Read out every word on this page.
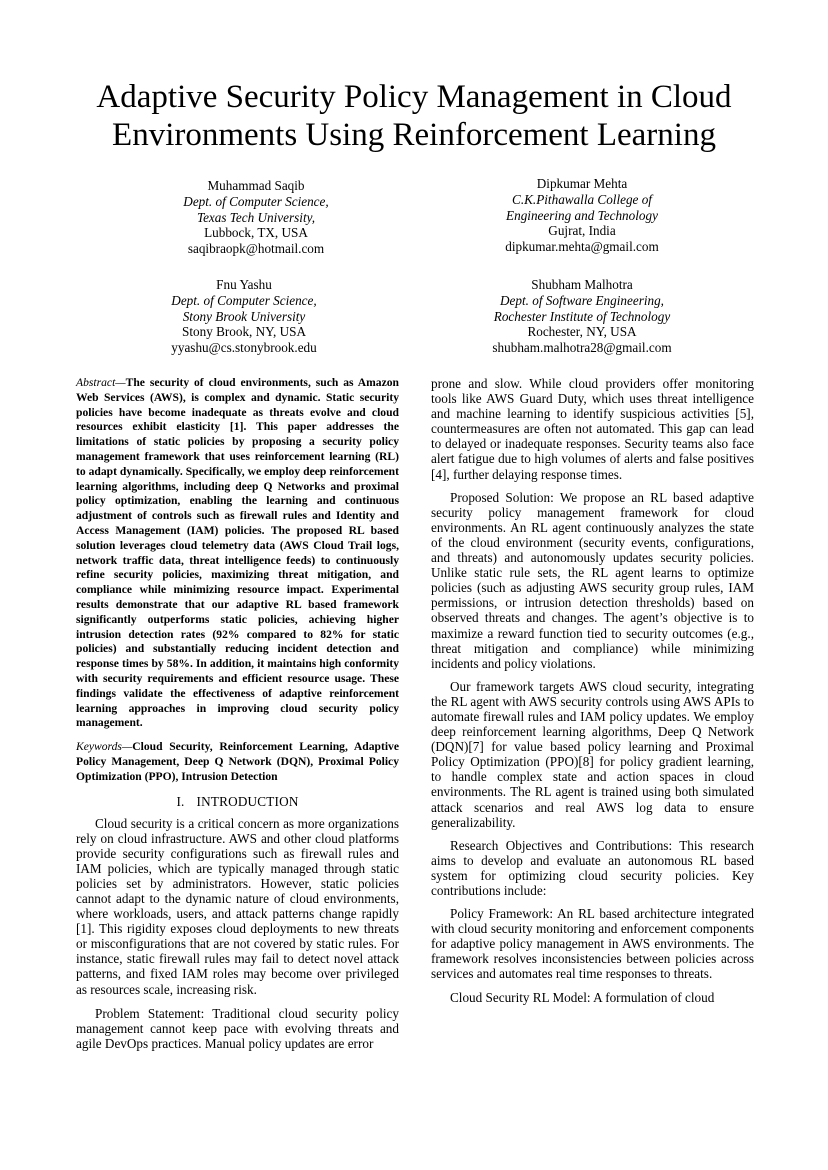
Adaptive Security Policy Management in Cloud
Environments Using Reinforcement Learning
Muhammad Saqib
Dept. of Computer Science,
Texas Tech University,
Lubbock, TX, USA
saqibraopk@hotmail.com
Dipkumar Mehta
C.K.Pithawalla College of
Engineering and Technology
Gujrat, India
dipkumar.mehta@gmail.com
Fnu Yashu
Dept. of Computer Science,
Stony Brook University
Stony Brook, NY, USA
yyashu@cs.stonybrook.edu
Shubham Malhotra
Dept. of Software Engineering,
Rochester Institute of Technology
Rochester, NY, USA
shubham.malhotra28@gmail.com

Abstract—The security of cloud environments, such as Amazon Web Services (AWS), is complex and dynamic. Static security policies have become inadequate as threats evolve and cloud resources exhibit elasticity [1]. This paper addresses the limitations of static policies by proposing a security policy management framework that uses reinforcement learning (RL) to adapt dynamically. Specifically, we employ deep reinforcement learning algorithms, including deep Q Networks and proximal policy optimization, enabling the learning and continuous adjustment of controls such as firewall rules and Identity and Access Management (IAM) policies. The proposed RL based solution leverages cloud telemetry data (AWS Cloud Trail logs, network traffic data, threat intelligence feeds) to continuously refine security policies, maximizing threat mitigation, and compliance while minimizing resource impact. Experimental results demonstrate that our adaptive RL based framework significantly outperforms static policies, achieving higher intrusion detection rates (92% compared to 82% for static policies) and substantially reducing incident detection and response times by 58%. In addition, it maintains high conformity with security requirements and efficient resource usage. These findings validate the effectiveness of adaptive reinforcement learning approaches in improving cloud security policy management.

Keywords—Cloud Security, Reinforcement Learning, Adaptive Policy Management, Deep Q Network (DQN), Proximal Policy Optimization (PPO), Intrusion Detection

I. INTRODUCTION

Cloud security is a critical concern as more organizations rely on cloud infrastructure. AWS and other cloud platforms provide security configurations such as firewall rules and IAM policies, which are typically managed through static policies set by administrators. However, static policies cannot adapt to the dynamic nature of cloud environments, where workloads, users, and attack patterns change rapidly [1]. This rigidity exposes cloud deployments to new threats or misconfigurations that are not covered by static rules. For instance, static firewall rules may fail to detect novel attack patterns, and fixed IAM roles may become over privileged as resources scale, increasing risk.

Problem Statement: Traditional cloud security policy management cannot keep pace with evolving threats and agile DevOps practices. Manual policy updates are error

prone and slow. While cloud providers offer monitoring tools like AWS Guard Duty, which uses threat intelligence and machine learning to identify suspicious activities [5], countermeasures are often not automated. This gap can lead to delayed or inadequate responses. Security teams also face alert fatigue due to high volumes of alerts and false positives [4], further delaying response times.

Proposed Solution: We propose an RL based adaptive security policy management framework for cloud environments. An RL agent continuously analyzes the state of the cloud environment (security events, configurations, and threats) and autonomously updates security policies. Unlike static rule sets, the RL agent learns to optimize policies (such as adjusting AWS security group rules, IAM permissions, or intrusion detection thresholds) based on observed threats and changes. The agent’s objective is to maximize a reward function tied to security outcomes (e.g., threat mitigation and compliance) while minimizing incidents and policy violations.

Our framework targets AWS cloud security, integrating the RL agent with AWS security controls using AWS APIs to automate firewall rules and IAM policy updates. We employ deep reinforcement learning algorithms, Deep Q Network (DQN)[7] for value based policy learning and Proximal Policy Optimization (PPO)[8] for policy gradient learning, to handle complex state and action spaces in cloud environments. The RL agent is trained using both simulated attack scenarios and real AWS log data to ensure generalizability.

Research Objectives and Contributions: This research aims to develop and evaluate an autonomous RL based system for optimizing cloud security policies. Key contributions include:

Policy Framework: An RL based architecture integrated with cloud security monitoring and enforcement components for adaptive policy management in AWS environments. The framework resolves inconsistencies between policies across services and automates real time responses to threats.

Cloud Security RL Model: A formulation of cloud
